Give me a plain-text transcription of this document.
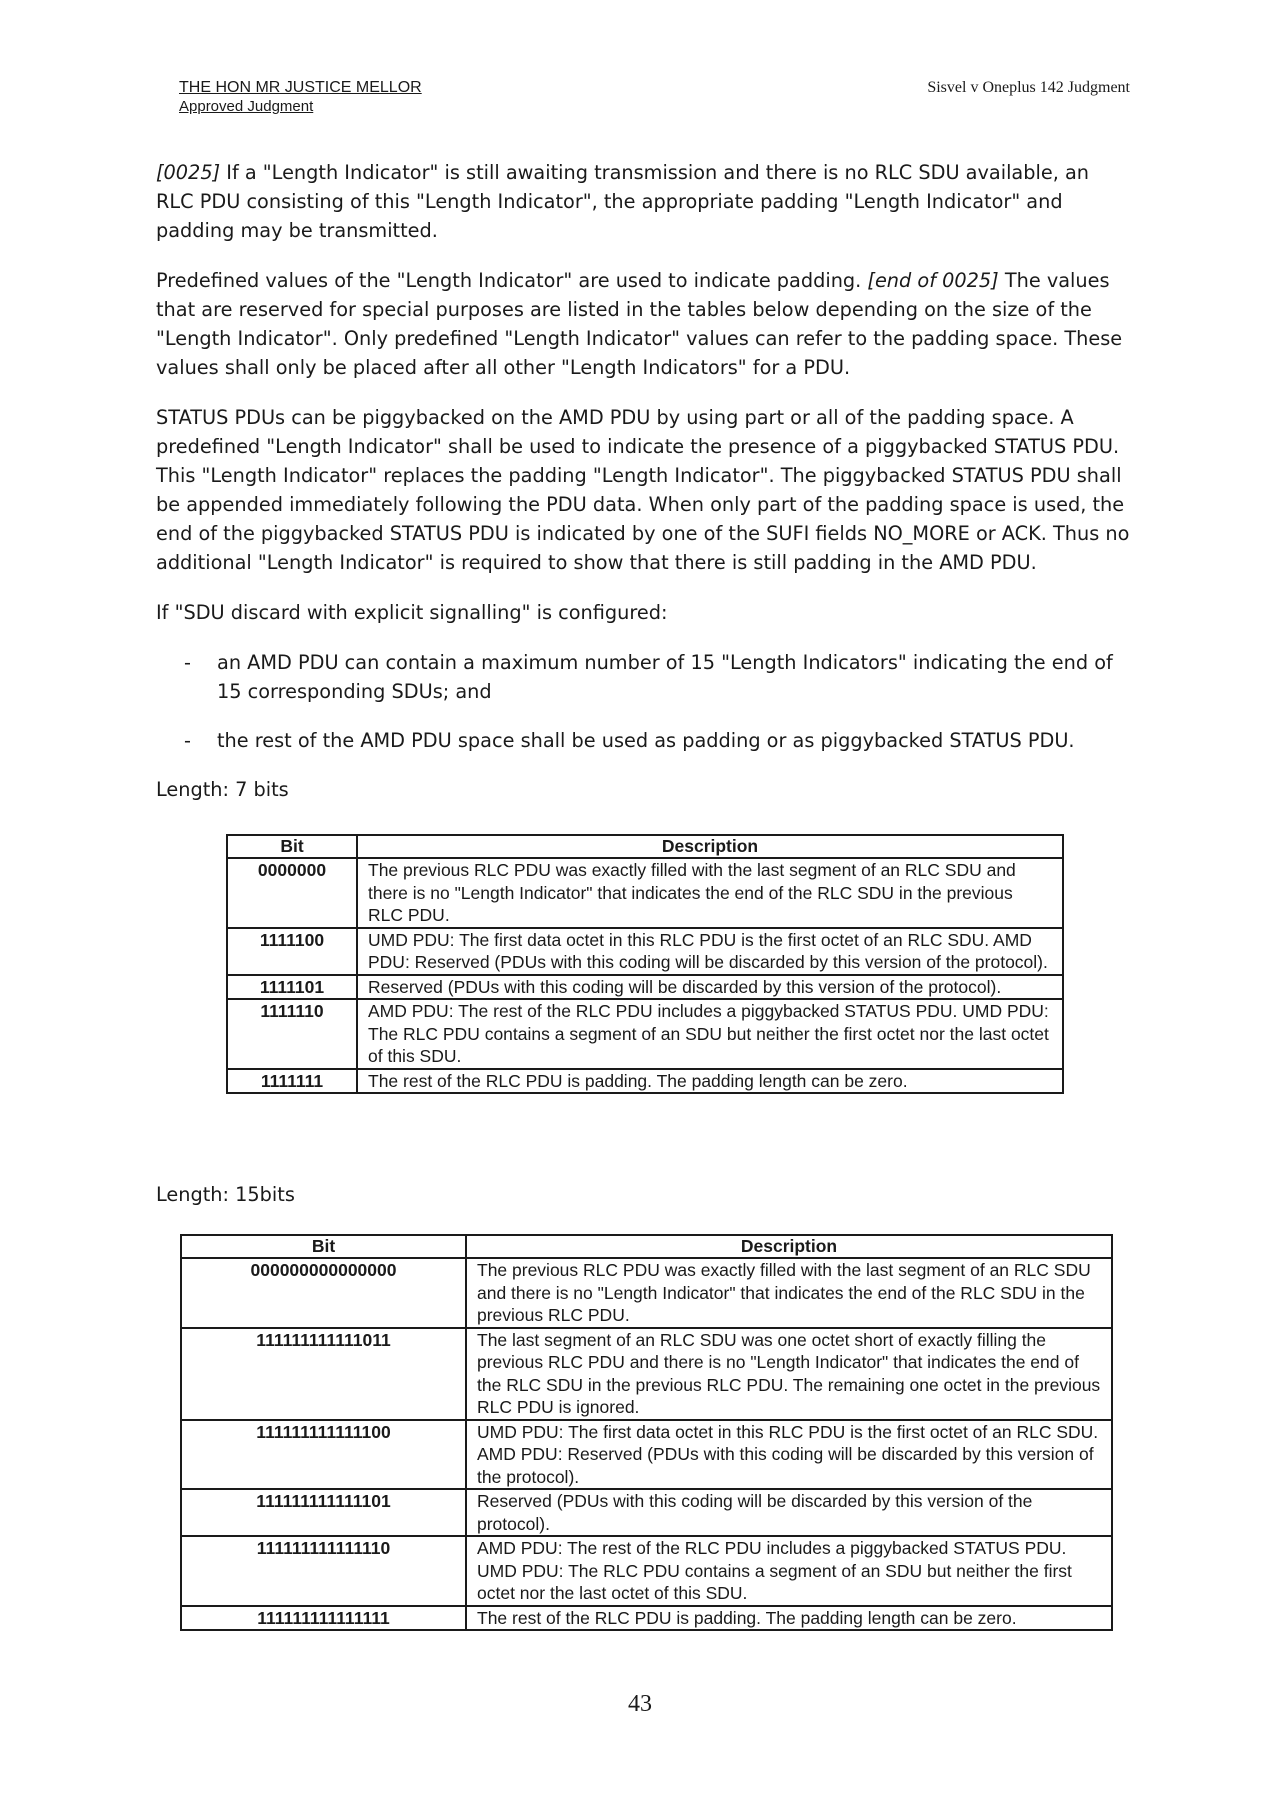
THE HON MR JUSTICE MELLOR
Approved Judgment
Sisvel v Oneplus 142 Judgment

[0025] If a "Length Indicator" is still awaiting transmission and there is no RLC SDU available, an RLC PDU consisting of this "Length Indicator", the appropriate padding "Length Indicator" and padding may be transmitted.

Predefined values of the "Length Indicator" are used to indicate padding. [end of 0025] The values that are reserved for special purposes are listed in the tables below depending on the size of the "Length Indicator". Only predefined "Length Indicator" values can refer to the padding space. These values shall only be placed after all other "Length Indicators" for a PDU.

STATUS PDUs can be piggybacked on the AMD PDU by using part or all of the padding space. A predefined "Length Indicator" shall be used to indicate the presence of a piggybacked STATUS PDU. This "Length Indicator" replaces the padding "Length Indicator". The piggybacked STATUS PDU shall be appended immediately following the PDU data. When only part of the padding space is used, the end of the piggybacked STATUS PDU is indicated by one of the SUFI fields NO_MORE or ACK. Thus no additional "Length Indicator" is required to show that there is still padding in the AMD PDU.

If "SDU discard with explicit signalling" is configured:

- an AMD PDU can contain a maximum number of 15 "Length Indicators" indicating the end of 15 corresponding SDUs; and
- the rest of the AMD PDU space shall be used as padding or as piggybacked STATUS PDU.

Length: 7 bits

Bit	Description
0000000	The previous RLC PDU was exactly filled with the last segment of an RLC SDU and there is no "Length Indicator" that indicates the end of the RLC SDU in the previous RLC PDU.
1111100	UMD PDU: The first data octet in this RLC PDU is the first octet of an RLC SDU. AMD PDU: Reserved (PDUs with this coding will be discarded by this version of the protocol).
1111101	Reserved (PDUs with this coding will be discarded by this version of the protocol).
1111110	AMD PDU: The rest of the RLC PDU includes a piggybacked STATUS PDU. UMD PDU: The RLC PDU contains a segment of an SDU but neither the first octet nor the last octet of this SDU.
1111111	The rest of the RLC PDU is padding. The padding length can be zero.
Length: 15bits
Bit	Description
000000000000000	The previous RLC PDU was exactly filled with the last segment of an RLC SDU and there is no "Length Indicator" that indicates the end of the RLC SDU in the previous RLC PDU.
111111111111011	The last segment of an RLC SDU was one octet short of exactly filling the previous RLC PDU and there is no "Length Indicator" that indicates the end of the RLC SDU in the previous RLC PDU. The remaining one octet in the previous RLC PDU is ignored.
111111111111100	UMD PDU: The first data octet in this RLC PDU is the first octet of an RLC SDU. AMD PDU: Reserved (PDUs with this coding will be discarded by this version of the protocol).
111111111111101	Reserved (PDUs with this coding will be discarded by this version of the protocol).
111111111111110	AMD PDU: The rest of the RLC PDU includes a piggybacked STATUS PDU. UMD PDU: The RLC PDU contains a segment of an SDU but neither the first octet nor the last octet of this SDU.
111111111111111	The rest of the RLC PDU is padding. The padding length can be zero.
43
